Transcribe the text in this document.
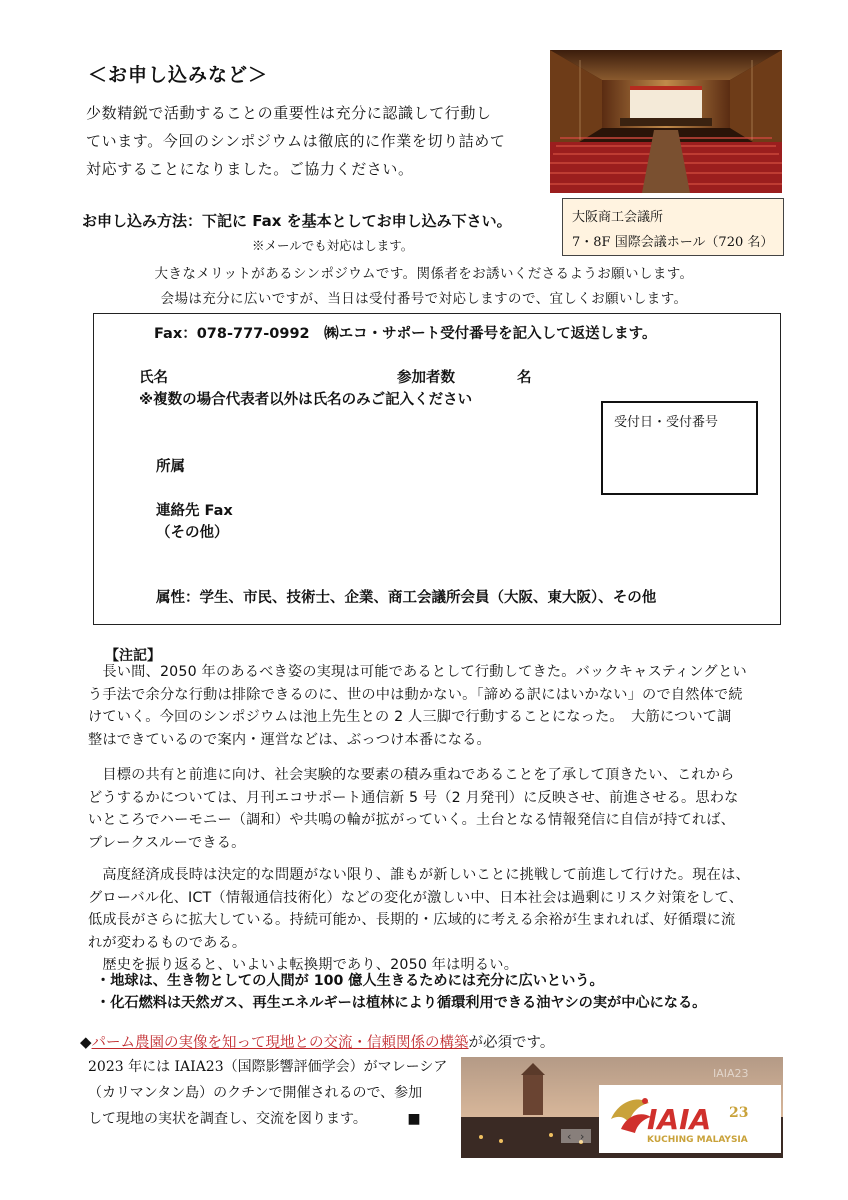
＜お申し込みなど＞
少数精鋭で活動することの重要性は充分に認識して行動し
ています。今回のシンポジウムは徹底的に作業を切り詰めて
対応することになりました。ご協力ください。
大阪商工会議所
7・8F 国際会議ホール（720 名）
お申し込み方法：下記に Fax を基本としてお申し込み下さい。
※メールでも対応はします。
大きなメリットがあるシンポジウムです。関係者をお誘いくださるようお願いします。
会場は充分に広いですが、当日は受付番号で対応しますので、宜しくお願いします。
Fax：078-777-0992　㈱エコ・サポート受付番号を記入して返送します。
氏名	参加者数	名
※複数の場合代表者以外は氏名のみご記入ください
受付日・受付番号
所属
連絡先 Fax
（その他）
属性：学生、市民、技術士、企業、商工会議所会員（大阪、東大阪）、その他
【注記】
　長い間、2050 年のあるべき姿の実現は可能であるとして行動してきた。バックキャスティングとい
う手法で余分な行動は排除できるのに、世の中は動かない。「諦める訳にはいかない」ので自然体で続
けていく。今回のシンポジウムは池上先生との 2 人三脚で行動することになった。　大筋について調
整はできているので案内・運営などは、ぶっつけ本番になる。
　目標の共有と前進に向け、社会実験的な要素の積み重ねであることを了承して頂きたい、これから
どうするかについては、月刊エコサポート通信新 5 号（2 月発刊）に反映させ、前進させる。思わな
いところでハーモニー（調和）や共鳴の輪が拡がっていく。土台となる情報発信に自信が持てれば、
ブレークスルーできる。
　高度経済成長時は決定的な問題がない限り、誰もが新しいことに挑戦して前進して行けた。現在は、
グローバル化、ICT（情報通信技術化）などの変化が激しい中、日本社会は過剰にリスク対策をして、
低成長がさらに拡大している。持続可能か、長期的・広域的に考える余裕が生まれれば、好循環に流
れが変わるものである。
　歴史を振り返ると、いよいよ転換期であり、2050 年は明るい。
・地球は、生き物としての人間が 100 億人生きるためには充分に広いという。
・化石燃料は天然ガス、再生エネルギーは植林により循環利用できる油ヤシの実が中心になる。
◆パーム農園の実像を知って現地との交流・信頼関係の構築が必須です。
2023 年には IAIA23（国際影響評価学会）がマレーシア
（カリマンタン島）のクチンで開催されるので、参加
して現地の実状を調査し、交流を図ります。	■
IAIA23
IAIA 23
KUCHING MALAYSIA
‹ ›
